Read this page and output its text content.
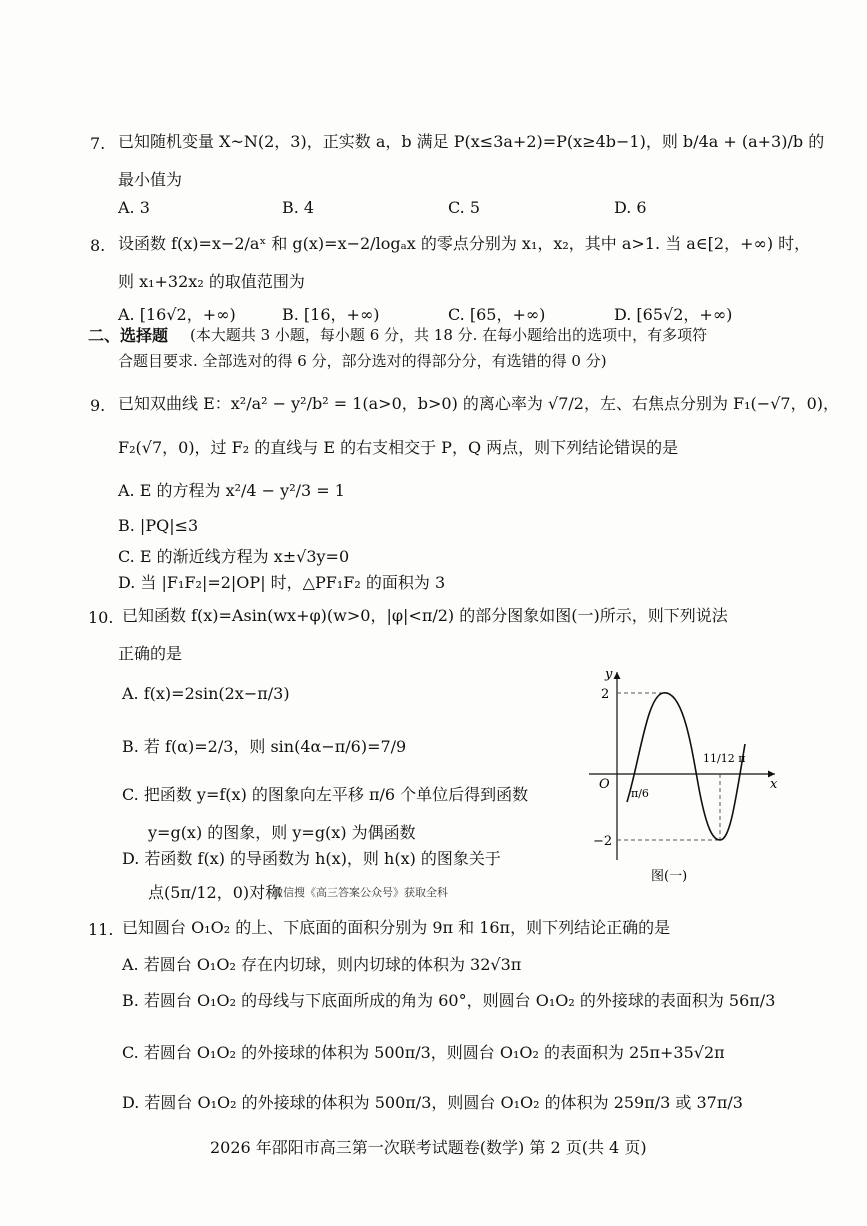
7. 已知随机变量 X~N(2，3)，正实数 a，b 满足 P(x≤3a+2)=P(x≥4b−1)，则 b/4a + (a+3)/b 的
最小值为
A. 3	B. 4	C. 5	D. 6
8. 设函数 f(x)=x−2/aˣ 和 g(x)=x−2/logₐx 的零点分别为 x₁，x₂，其中 a>1. 当 a∈[2，+∞) 时，
则 x₁+32x₂ 的取值范围为
A. [16√2，+∞)	B. [16，+∞)	C. [65，+∞)	D. [65√2，+∞)
二、选择题 (本大题共 3 小题，每小题 6 分，共 18 分. 在每小题给出的选项中，有多项符
合题目要求. 全部选对的得 6 分，部分选对的得部分分，有选错的得 0 分)
9. 已知双曲线 E：x²/a² − y²/b² = 1(a>0，b>0) 的离心率为 √7/2，左、右焦点分别为 F₁(−√7，0)，
F₂(√7，0)，过 F₂ 的直线与 E 的右支相交于 P，Q 两点，则下列结论错误的是
A. E 的方程为 x²/4 − y²/3 = 1
B. |PQ|≤3
C. E 的渐近线方程为 x±√3y=0
D. 当 |F₁F₂|=2|OP| 时，△PF₁F₂ 的面积为 3
10. 已知函数 f(x)=Asin(wx+φ)(w>0，|φ|<π/2) 的部分图象如图(一)所示，则下列说法
正确的是
A. f(x)=2sin(2x−π/3)
B. 若 f(α)=2/3，则 sin(4α−π/6)=7/9
C. 把函数 y=f(x) 的图象向左平移 π/6 个单位后得到函数
y=g(x) 的图象，则 y=g(x) 为偶函数
D. 若函数 f(x) 的导函数为 h(x)，则 h(x) 的图象关于
点(5π/12，0)对称
微信搜《高三答案公众号》获取全科
y
x
O
2
−2
π/6
11/12 π
图(一)
11. 已知圆台 O₁O₂ 的上、下底面的面积分别为 9π 和 16π，则下列结论正确的是
A. 若圆台 O₁O₂ 存在内切球，则内切球的体积为 32√3π
B. 若圆台 O₁O₂ 的母线与下底面所成的角为 60°，则圆台 O₁O₂ 的外接球的表面积为 56π/3
C. 若圆台 O₁O₂ 的外接球的体积为 500π/3，则圆台 O₁O₂ 的表面积为 25π+35√2π
D. 若圆台 O₁O₂ 的外接球的体积为 500π/3，则圆台 O₁O₂ 的体积为 259π/3 或 37π/3
2026 年邵阳市高三第一次联考试题卷(数学) 第 2 页(共 4 页)
